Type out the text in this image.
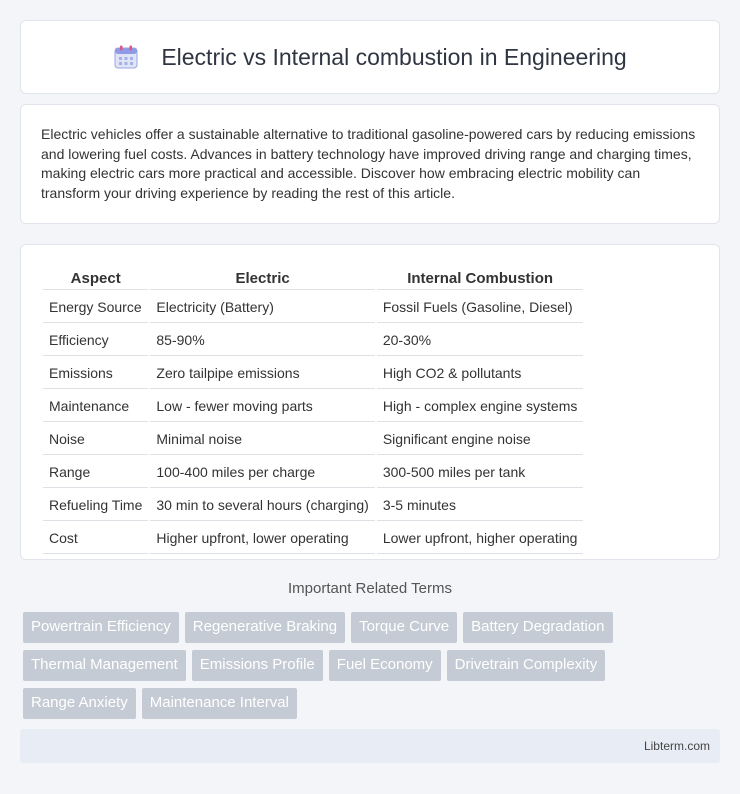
Electric vs Internal combustion in Engineering

Electric vehicles offer a sustainable alternative to traditional gasoline-powered cars by reducing emissions and lowering fuel costs. Advances in battery technology have improved driving range and charging times, making electric cars more practical and accessible. Discover how embracing electric mobility can transform your driving experience by reading the rest of this article.

Aspect	Electric	Internal Combustion
Energy Source	Electricity (Battery)	Fossil Fuels (Gasoline, Diesel)
Efficiency	85-90%	20-30%
Emissions	Zero tailpipe emissions	High CO2 & pollutants
Maintenance	Low - fewer moving parts	High - complex engine systems
Noise	Minimal noise	Significant engine noise
Range	100-400 miles per charge	300-500 miles per tank
Refueling Time	30 min to several hours (charging)	3-5 minutes
Cost	Higher upfront, lower operating	Lower upfront, higher operating
Important Related Terms
Powertrain Efficiency	Regenerative Braking	Torque Curve	Battery Degradation
Thermal Management	Emissions Profile	Fuel Economy	Drivetrain Complexity
Range Anxiety	Maintenance Interval
Libterm.com
